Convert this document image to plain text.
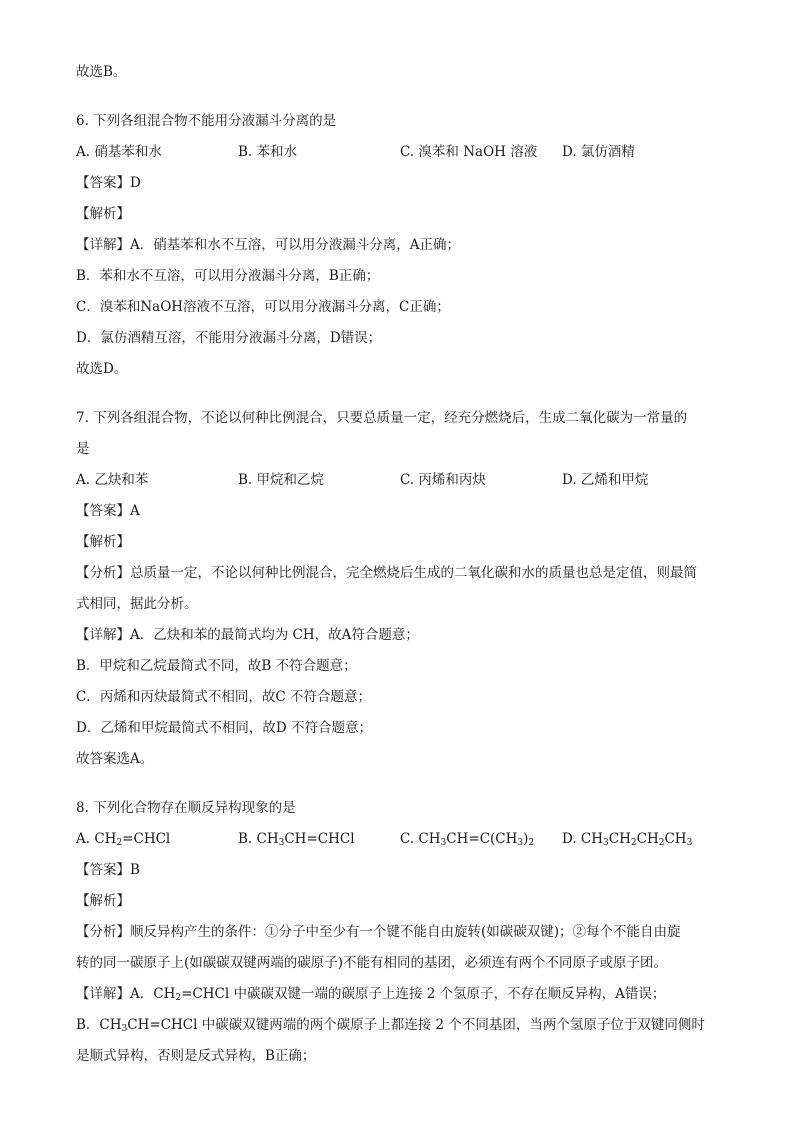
故选B。
6. 下列各组混合物不能用分液漏斗分离的是
A. 硝基苯和水	B. 苯和水	C. 溴苯和 NaOH 溶液 D. 氯仿酒精
【答案】D
【解析】
【详解】A．硝基苯和水不互溶，可以用分液漏斗分离，A正确；
B．苯和水不互溶，可以用分液漏斗分离，B正确；
C．溴苯和NaOH溶液不互溶，可以用分液漏斗分离，C正确；
D．氯仿酒精互溶，不能用分液漏斗分离，D错误；
故选D。
7. 下列各组混合物，不论以何种比例混合，只要总质量一定，经充分燃烧后，生成二氧化碳为一常量的
是
A. 乙炔和苯	B. 甲烷和乙烷	C. 丙烯和丙炔	D. 乙烯和甲烷
【答案】A
【解析】
【分析】总质量一定，不论以何种比例混合，完全燃烧后生成的二氧化碳和水的质量也总是定值，则最简
式相同，据此分析。
【详解】A．乙炔和苯的最简式均为 CH，故A符合题意；
B．甲烷和乙烷最简式不同，故B 不符合题意；
C．丙烯和丙炔最简式不相同，故C 不符合题意；
D．乙烯和甲烷最简式不相同，故D 不符合题意；
故答案选A。
8. 下列化合物存在顺反异构现象的是
A. $CH_2=CHCl$	B. $CH_3CH=CHCl$	C. $CH_3CH=C(CH_3)_2$ D. $CH_3CH_2CH_2CH_3$
【答案】B
【解析】
【分析】顺反异构产生的条件：①分子中至少有一个键不能自由旋转(如碳碳双键)；②每个不能自由旋
转的同一碳原子上(如碳碳双键两端的碳原子)不能有相同的基团，必须连有两个不同原子或原子团。
【详解】A．$CH_2=CHCl$ 中碳碳双键一端的碳原子上连接 2 个氢原子，不存在顺反异构，A错误；
B．$CH_3CH=CHCl$ 中碳碳双键两端的两个碳原子上都连接 2 个不同基团，当两个氢原子位于双键同侧时
是顺式异构，否则是反式异构，B正确；
